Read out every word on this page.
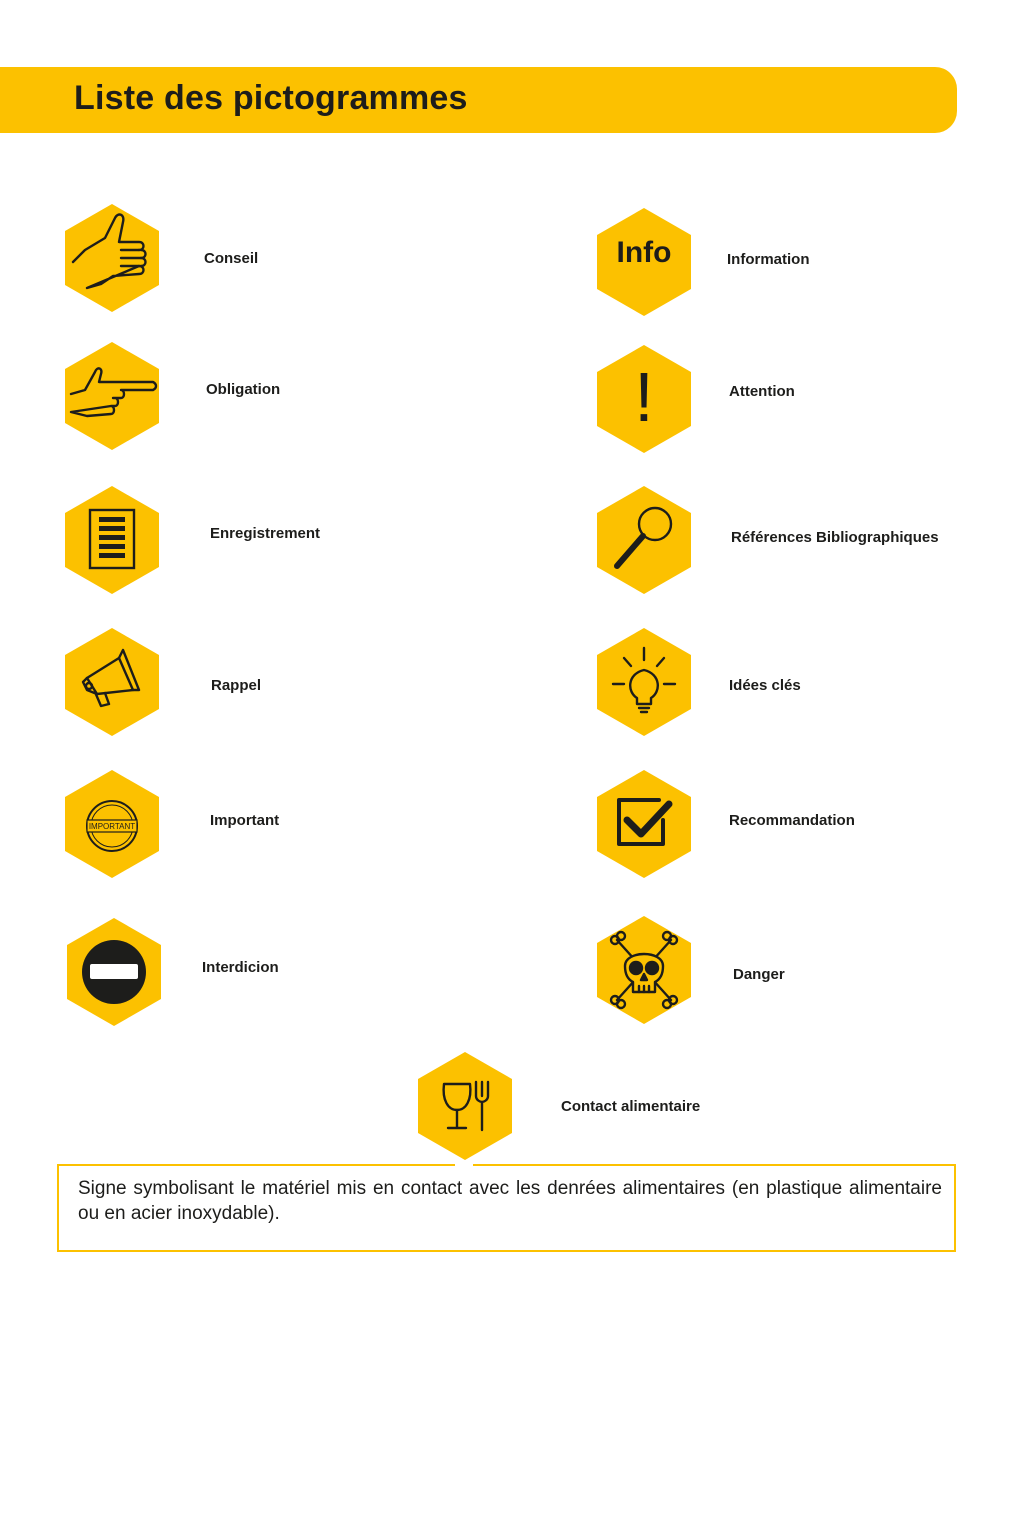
Liste des pictogrammes
Conseil	Info	Information
Obligation	!	Attention
Enregistrement	Références Bibliographiques
Rappel	Idées clés
IMPORTANT	Important	Recommandation
Interdicion	Danger
Contact alimentaire

Signe symbolisant le matériel mis en contact avec les denrées alimentaires (en plastique alimentaire ou en acier inoxydable).
